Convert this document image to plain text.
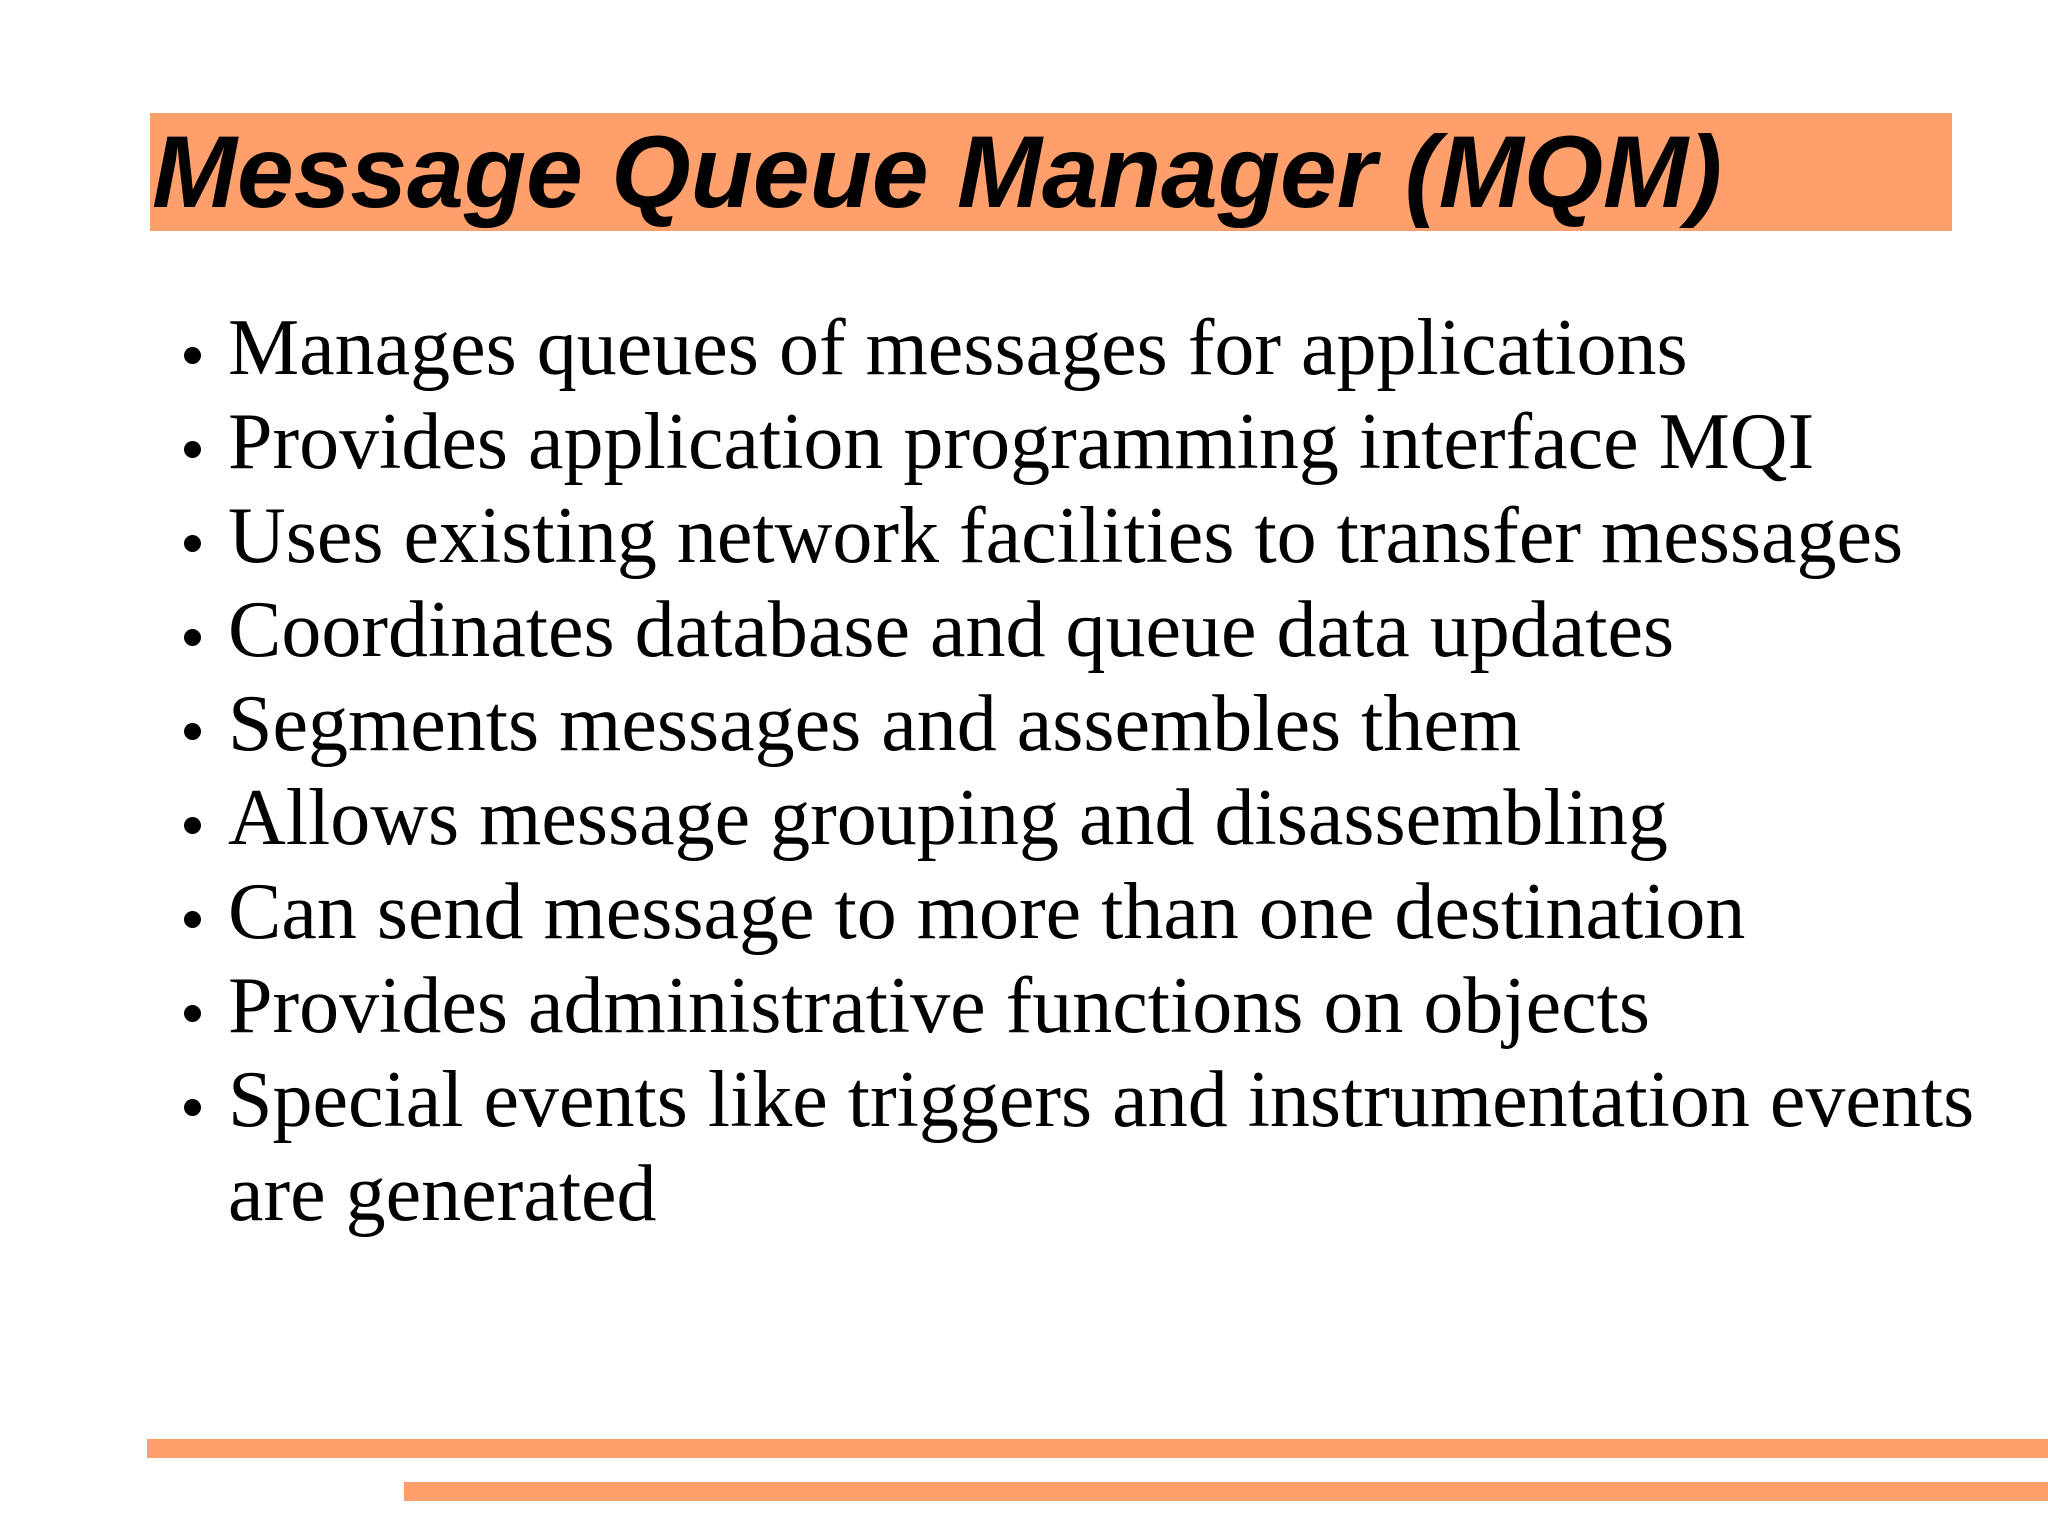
Message Queue Manager (MQM)
Manages queues of messages for applications
Provides application programming interface MQI
Uses existing network facilities to transfer messages
Coordinates database and queue data updates
Segments messages and assembles them
Allows message grouping and disassembling
Can send message to more than one destination
Provides administrative functions on objects
Special events like triggers and instrumentation events are generated
